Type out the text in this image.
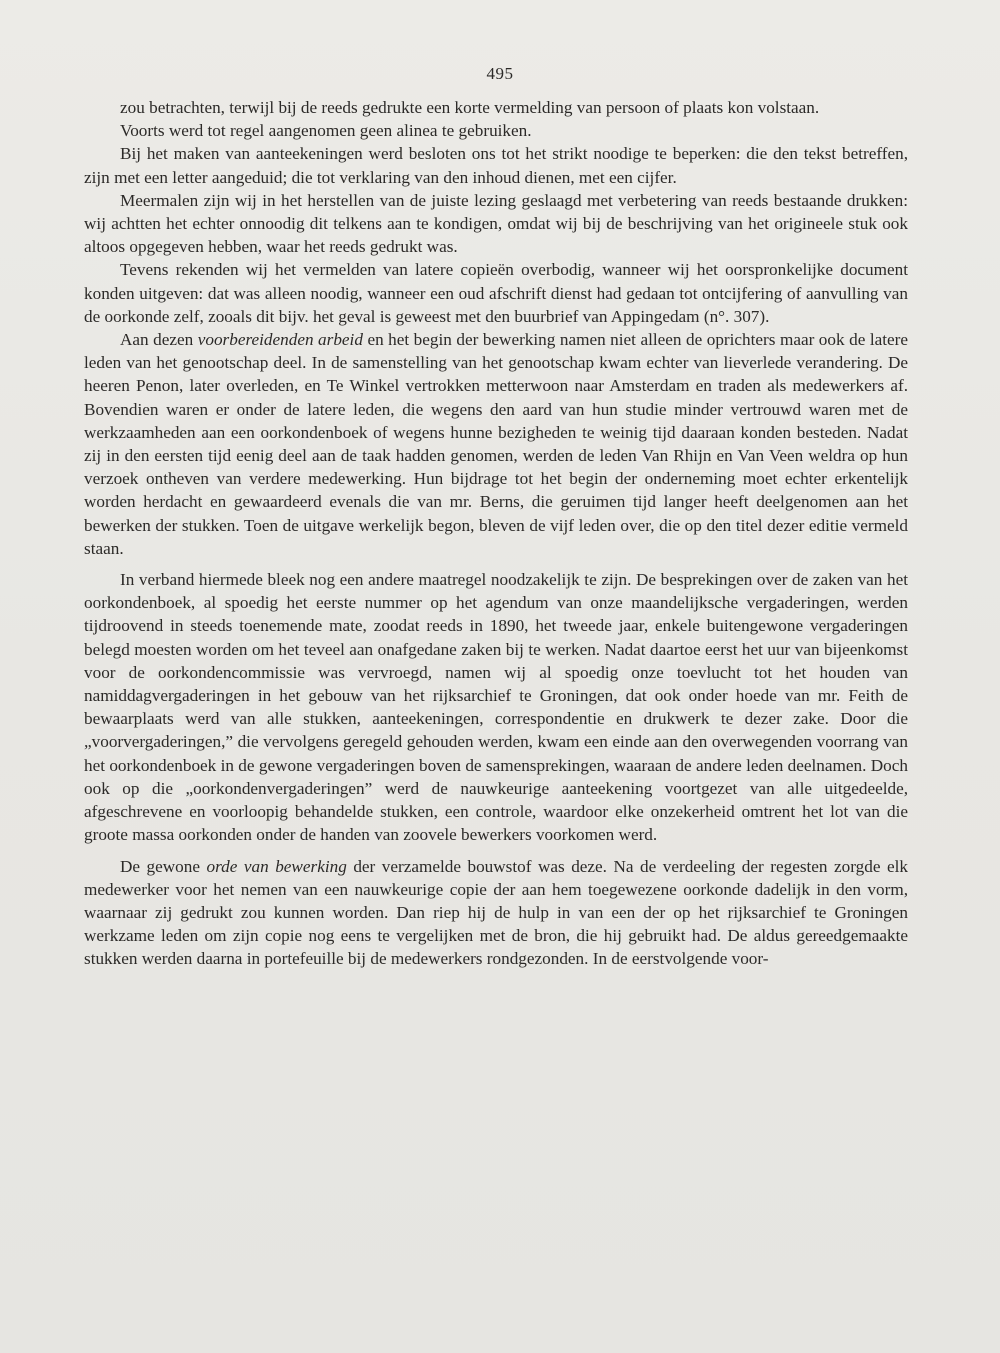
495

zou betrachten, terwijl bij de reeds gedrukte een korte vermelding van persoon of plaats kon volstaan.

Voorts werd tot regel aangenomen geen alinea te gebruiken.

Bij het maken van aanteekeningen werd besloten ons tot het strikt noodige te beperken: die den tekst betreffen, zijn met een letter aangeduid; die tot verklaring van den inhoud dienen, met een cijfer.

Meermalen zijn wij in het herstellen van de juiste lezing geslaagd met verbetering van reeds bestaande drukken: wij achtten het echter onnoodig dit telkens aan te kondigen, omdat wij bij de beschrijving van het origineele stuk ook altoos opgegeven hebben, waar het reeds gedrukt was.

Tevens rekenden wij het vermelden van latere copieën overbodig, wanneer wij het oorspronkelijke document konden uitgeven: dat was alleen noodig, wanneer een oud afschrift dienst had gedaan tot ontcijfering of aanvulling van de oorkonde zelf, zooals dit bijv. het geval is geweest met den buurbrief van Appingedam (n°. 307).

Aan dezen voorbereidenden arbeid en het begin der bewerking namen niet alleen de oprichters maar ook de latere leden van het genootschap deel. In de samenstelling van het genootschap kwam echter van lieverlede verandering. De heeren Penon, later overleden, en Te Winkel vertrokken metterwoon naar Amsterdam en traden als medewerkers af. Bovendien waren er onder de latere leden, die wegens den aard van hun studie minder vertrouwd waren met de werkzaamheden aan een oorkondenboek of wegens hunne bezigheden te weinig tijd daaraan konden besteden. Nadat zij in den eersten tijd eenig deel aan de taak hadden genomen, werden de leden Van Rhijn en Van Veen weldra op hun verzoek ontheven van verdere medewerking. Hun bijdrage tot het begin der onderneming moet echter erkentelijk worden herdacht en gewaardeerd evenals die van mr. Berns, die geruimen tijd langer heeft deelgenomen aan het bewerken der stukken. Toen de uitgave werkelijk begon, bleven de vijf leden over, die op den titel dezer editie vermeld staan.

In verband hiermede bleek nog een andere maatregel noodzakelijk te zijn. De besprekingen over de zaken van het oorkondenboek, al spoedig het eerste nummer op het agendum van onze maandelijksche vergaderingen, werden tijdroovend in steeds toenemende mate, zoodat reeds in 1890, het tweede jaar, enkele buitengewone vergaderingen belegd moesten worden om het teveel aan onafgedane zaken bij te werken. Nadat daartoe eerst het uur van bijeenkomst voor de oorkondencommissie was vervroegd, namen wij al spoedig onze toevlucht tot het houden van namiddagvergaderingen in het gebouw van het rijksarchief te Groningen, dat ook onder hoede van mr. Feith de bewaarplaats werd van alle stukken, aanteekeningen, correspondentie en drukwerk te dezer zake. Door die „voorvergaderingen,” die vervolgens geregeld gehouden werden, kwam een einde aan den overwegenden voorrang van het oorkondenboek in de gewone vergaderingen boven de samensprekingen, waaraan de andere leden deelnamen. Doch ook op die „oorkondenvergaderingen” werd de nauwkeurige aanteekening voortgezet van alle uitgedeelde, afgeschrevene en voorloopig behandelde stukken, een controle, waardoor elke onzekerheid omtrent het lot van die groote massa oorkonden onder de handen van zoovele bewerkers voorkomen werd.

De gewone orde van bewerking der verzamelde bouwstof was deze. Na de verdeeling der regesten zorgde elk medewerker voor het nemen van een nauwkeurige copie der aan hem toegewezene oorkonde dadelijk in den vorm, waarnaar zij gedrukt zou kunnen worden. Dan riep hij de hulp in van een der op het rijksarchief te Groningen werkzame leden om zijn copie nog eens te vergelijken met de bron, die hij gebruikt had. De aldus gereedgemaakte stukken werden daarna in portefeuille bij de medewerkers rondgezonden. In de eerstvolgende voor-
